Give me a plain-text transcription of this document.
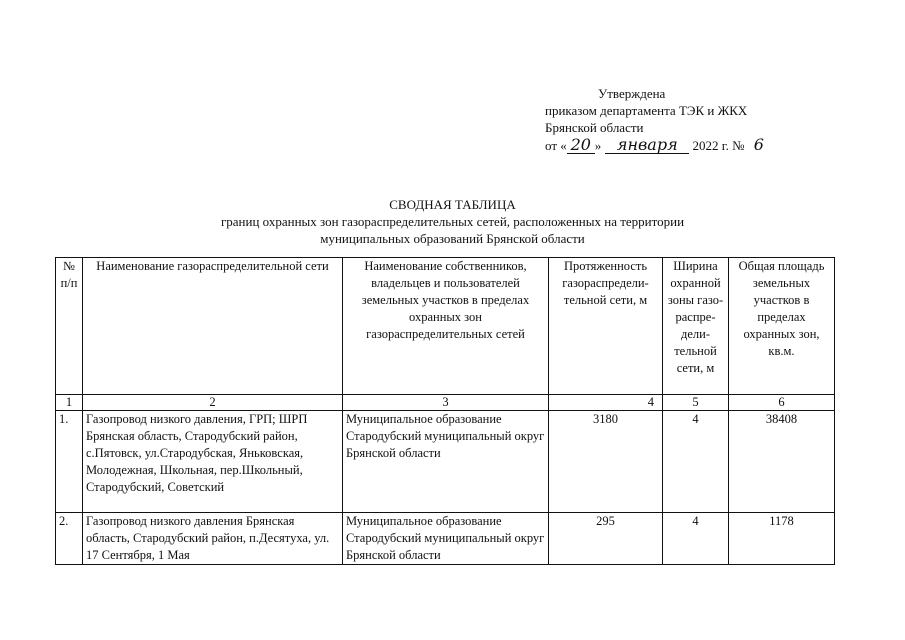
Утверждена
приказом департамента ТЭК и ЖКХ
Брянской области
от « 20 » января 2022 г. № 6
СВОДНАЯ ТАБЛИЦА
границ охранных зон газораспределительных сетей, расположенных на территории
муниципальных образований Брянской области
№ п/п	Наименование газораспределительной сети	Наименование собственников, владельцев и пользователей земельных участков в пределах охранных зон газораспределительных сетей	Протяженность газораспредели-тельной сети, м	Ширина охранной зоны газо-распре-дели-тельной сети, м	Общая площадь земельных участков в пределах охранных зон, кв.м.
1	2	3	4	5	6
1.	Газопровод низкого давления, ГРП; ШРП Брянская область, Стародубский район, с.Пятовск, ул.Стародубская, Яньковская, Молодежная, Школьная, пер.Школьный, Стародубский, Советский	Муниципальное образование Стародубский муниципальный округ Брянской области	3180	4	38408
2.	Газопровод низкого давления Брянская область, Стародубский район, п.Десятуха, ул. 17 Сентября, 1 Мая	Муниципальное образование Стародубский муниципальный округ Брянской области	295	4	1178
